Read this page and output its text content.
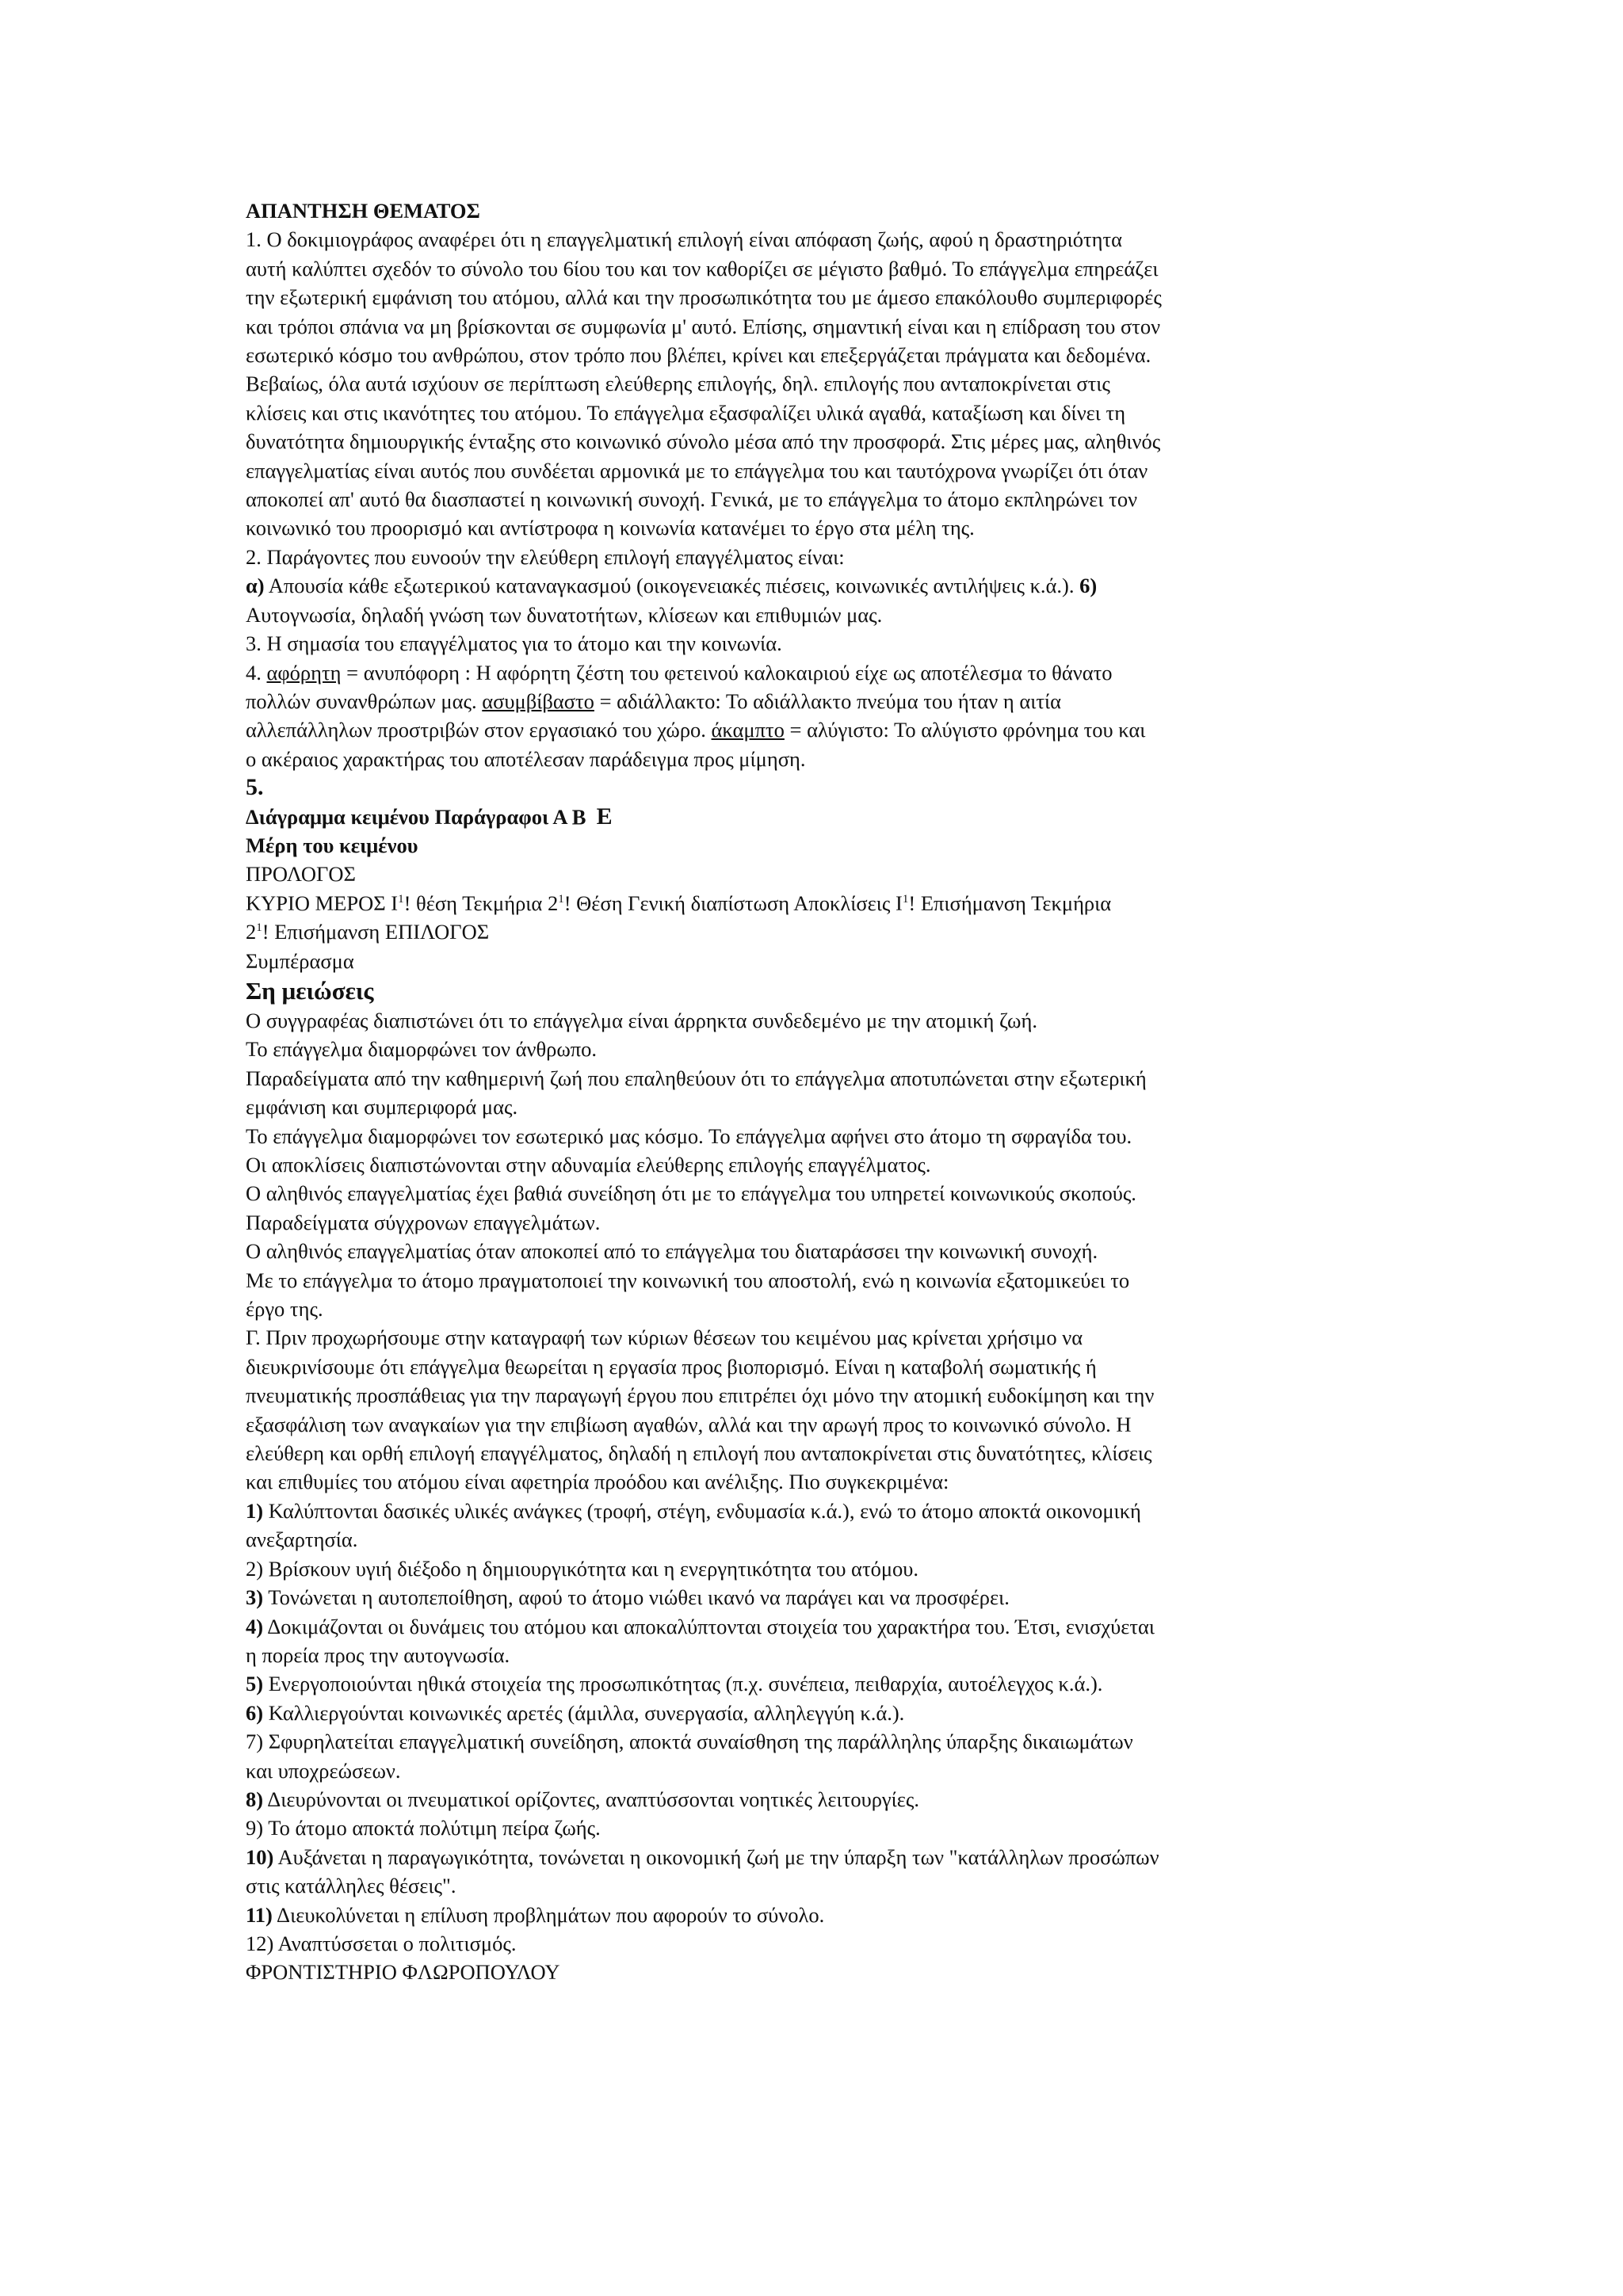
ΑΠΑΝΤΗΣΗ ΘΕΜΑΤΟΣ
1. Ο δοκιμιογράφος αναφέρει ότι η επαγγελματική επιλογή είναι απόφαση ζωής, αφού η δραστηριότητα
αυτή καλύπτει σχεδόν το σύνολο του 6ίου του και τον καθορίζει σε μέγιστο βαθμό. Το επάγγελμα επηρεάζει
την εξωτερική εμφάνιση του ατόμου, αλλά και την προσωπικότητα του με άμεσο επακόλουθο συμπεριφορές
και τρόποι σπάνια να μη βρίσκονται σε συμφωνία μ' αυτό. Επίσης, σημαντική είναι και η επίδραση του στον
εσωτερικό κόσμο του ανθρώπου, στον τρόπο που βλέπει, κρίνει και επεξεργάζεται πράγματα και δεδομένα.
Βεβαίως, όλα αυτά ισχύουν σε περίπτωση ελεύθερης επιλογής, δηλ. επιλογής που ανταποκρίνεται στις
κλίσεις και στις ικανότητες του ατόμου. Το επάγγελμα εξασφαλίζει υλικά αγαθά, καταξίωση και δίνει τη
δυνατότητα δημιουργικής ένταξης στο κοινωνικό σύνολο μέσα από την προσφορά. Στις μέρες μας, αληθινός
επαγγελματίας είναι αυτός που συνδέεται αρμονικά με το επάγγελμα του και ταυτόχρονα γνωρίζει ότι όταν
αποκοπεί απ' αυτό θα διασπαστεί η κοινωνική συνοχή. Γενικά, με το επάγγελμα το άτομο εκπληρώνει τον
κοινωνικό του προορισμό και αντίστροφα η κοινωνία κατανέμει το έργο στα μέλη της.
2. Παράγοντες που ευνοούν την ελεύθερη επιλογή επαγγέλματος είναι:
α) Απουσία κάθε εξωτερικού καταναγκασμού (οικογενειακές πιέσεις, κοινωνικές αντιλήψεις κ.ά.). 6)
Αυτογνωσία, δηλαδή γνώση των δυνατοτήτων, κλίσεων και επιθυμιών μας.
3. Η σημασία του επαγγέλματος για το άτομο και την κοινωνία.
4. αφόρητη = ανυπόφορη : Η αφόρητη ζέστη του φετεινού καλοκαιριού είχε ως αποτέλεσμα το θάνατο
πολλών συνανθρώπων μας. ασυμβίβαστο = αδιάλλακτο: Το αδιάλλακτο πνεύμα του ήταν η αιτία
αλλεπάλληλων προστριβών στον εργασιακό του χώρο. άκαμπτο = αλύγιστο: Το αλύγιστο φρόνημα του και
ο ακέραιος χαρακτήρας του αποτέλεσαν παράδειγμα προς μίμηση.
5.
Διάγραμμα κειμένου Παράγραφοι Α Β Ε
Μέρη του κειμένου
ΠΡΟΛΟΓΟΣ
ΚΥΡΙΟ ΜΕΡΟΣ $I^1$! θέση Τεκμήρια $2^1$! Θέση Γενική διαπίστωση Αποκλίσεις $I^1$! Επισήμανση Τεκμήρια
$2^1$! Επισήμανση ΕΠΙΛΟΓΟΣ
Συμπέρασμα
Ση μειώσεις
Ο συγγραφέας διαπιστώνει ότι το επάγγελμα είναι άρρηκτα συνδεδεμένο με την ατομική ζωή.
Το επάγγελμα διαμορφώνει τον άνθρωπο.
Παραδείγματα από την καθημερινή ζωή που επαληθεύουν ότι το επάγγελμα αποτυπώνεται στην εξωτερική
εμφάνιση και συμπεριφορά μας.
Το επάγγελμα διαμορφώνει τον εσωτερικό μας κόσμο. Το επάγγελμα αφήνει στο άτομο τη σφραγίδα του.
Οι αποκλίσεις διαπιστώνονται στην αδυναμία ελεύθερης επιλογής επαγγέλματος.
Ο αληθινός επαγγελματίας έχει βαθιά συνείδηση ότι με το επάγγελμα του υπηρετεί κοινωνικούς σκοπούς.
Παραδείγματα σύγχρονων επαγγελμάτων.
Ο αληθινός επαγγελματίας όταν αποκοπεί από το επάγγελμα του διαταράσσει την κοινωνική συνοχή.
Με το επάγγελμα το άτομο πραγματοποιεί την κοινωνική του αποστολή, ενώ η κοινωνία εξατομικεύει το
έργο της.
Γ. Πριν προχωρήσουμε στην καταγραφή των κύριων θέσεων του κειμένου μας κρίνεται χρήσιμο να
διευκρινίσουμε ότι επάγγελμα θεωρείται η εργασία προς βιοπορισμό. Είναι η καταβολή σωματικής ή
πνευματικής προσπάθειας για την παραγωγή έργου που επιτρέπει όχι μόνο την ατομική ευδοκίμηση και την
εξασφάλιση των αναγκαίων για την επιβίωση αγαθών, αλλά και την αρωγή προς το κοινωνικό σύνολο. Η
ελεύθερη και ορθή επιλογή επαγγέλματος, δηλαδή η επιλογή που ανταποκρίνεται στις δυνατότητες, κλίσεις
και επιθυμίες του ατόμου είναι αφετηρία προόδου και ανέλιξης. Πιο συγκεκριμένα:
1) Καλύπτονται δασικές υλικές ανάγκες (τροφή, στέγη, ενδυμασία κ.ά.), ενώ το άτομο αποκτά οικονομική
ανεξαρτησία.
2) Βρίσκουν υγιή διέξοδο η δημιουργικότητα και η ενεργητικότητα του ατόμου.
3) Τονώνεται η αυτοπεποίθηση, αφού το άτομο νιώθει ικανό να παράγει και να προσφέρει.
4) Δοκιμάζονται οι δυνάμεις του ατόμου και αποκαλύπτονται στοιχεία του χαρακτήρα του. Έτσι, ενισχύεται
η πορεία προς την αυτογνωσία.
5) Ενεργοποιούνται ηθικά στοιχεία της προσωπικότητας (π.χ. συνέπεια, πειθαρχία, αυτοέλεγχος κ.ά.).
6) Καλλιεργούνται κοινωνικές αρετές (άμιλλα, συνεργασία, αλληλεγγύη κ.ά.).
7) Σφυρηλατείται επαγγελματική συνείδηση, αποκτά συναίσθηση της παράλληλης ύπαρξης δικαιωμάτων
και υποχρεώσεων.
8) Διευρύνονται οι πνευματικοί ορίζοντες, αναπτύσσονται νοητικές λειτουργίες.
9) Το άτομο αποκτά πολύτιμη πείρα ζωής.
10) Αυξάνεται η παραγωγικότητα, τονώνεται η οικονομική ζωή με την ύπαρξη των "κατάλληλων προσώπων
στις κατάλληλες θέσεις".
11) Διευκολύνεται η επίλυση προβλημάτων που αφορούν το σύνολο.
12) Αναπτύσσεται ο πολιτισμός.
ΦΡΟΝΤΙΣΤΗΡΙΟ ΦΛΩΡΟΠΟΥΛΟΥ
